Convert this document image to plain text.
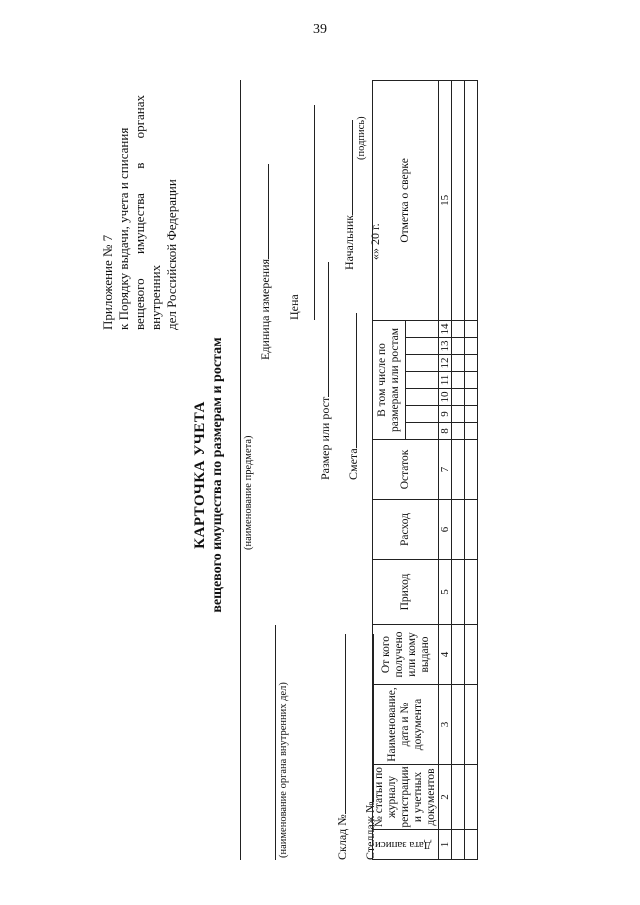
39
Приложение № 7 к Порядку выдачи, учета и списания вещевого имущества в органах внутренних дел Российской Федерации
КАРТОЧКА УЧЕТА вещевого имущества по размерам и ростам (наименование предмета)
(наименование органа внутренних дел)
Единица измерения Цена
Размер или рост Смета
Склад № Стеллаж №
Начальник
(подпись)
«» 20 г.
Дата записи	№ статьи по журналу регистрации и учетных документов	Наименование, дата и № документа	От кого получено или кому выдано	Приход	Расход	Остаток	В том числе по размерам или ростам							Отметка о сверке

1	2	3	4	5	6	7	8	9	10	11	12	13	14	15
